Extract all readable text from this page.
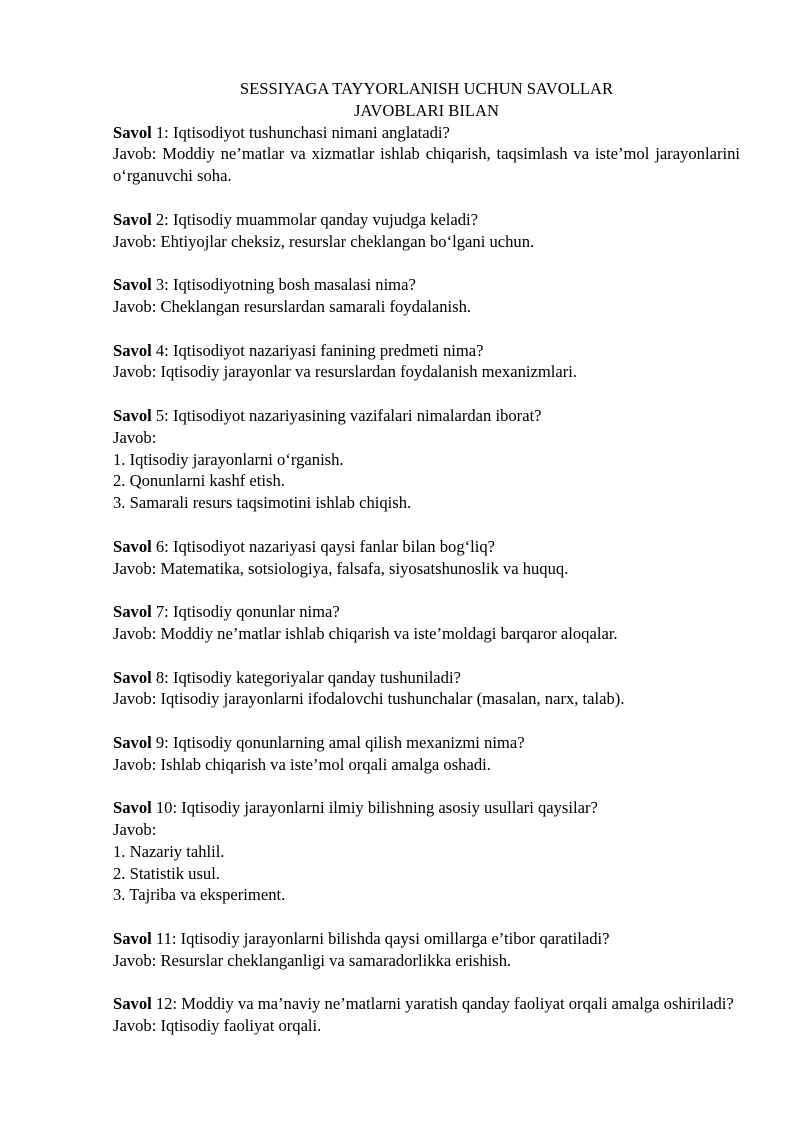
SESSIYAGA TAYYORLANISH UCHUN SAVOLLAR
JAVOBLARI BILAN

Savol 1: Iqtisodiyot tushunchasi nimani anglatadi?

Javob: Moddiy ne’matlar va xizmatlar ishlab chiqarish, taqsimlash va iste’mol jarayonlarini o‘rganuvchi soha.

Savol 2: Iqtisodiy muammolar qanday vujudga keladi?

Javob: Ehtiyojlar cheksiz, resurslar cheklangan bo‘lgani uchun.

Savol 3: Iqtisodiyotning bosh masalasi nima?

Javob: Cheklangan resurslardan samarali foydalanish.

Savol 4: Iqtisodiyot nazariyasi fanining predmeti nima?

Javob: Iqtisodiy jarayonlar va resurslardan foydalanish mexanizmlari.

Savol 5: Iqtisodiyot nazariyasining vazifalari nimalardan iborat?

Javob:

1. Iqtisodiy jarayonlarni o‘rganish.

2. Qonunlarni kashf etish.

3. Samarali resurs taqsimotini ishlab chiqish.

Savol 6: Iqtisodiyot nazariyasi qaysi fanlar bilan bog‘liq?

Javob: Matematika, sotsiologiya, falsafa, siyosatshunoslik va huquq.

Savol 7: Iqtisodiy qonunlar nima?

Javob: Moddiy ne’matlar ishlab chiqarish va iste’moldagi barqaror aloqalar.

Savol 8: Iqtisodiy kategoriyalar qanday tushuniladi?

Javob: Iqtisodiy jarayonlarni ifodalovchi tushunchalar (masalan, narx, talab).

Savol 9: Iqtisodiy qonunlarning amal qilish mexanizmi nima?

Javob: Ishlab chiqarish va iste’mol orqali amalga oshadi.

Savol 10: Iqtisodiy jarayonlarni ilmiy bilishning asosiy usullari qaysilar?

Javob:

1. Nazariy tahlil.

2. Statistik usul.

3. Tajriba va eksperiment.

Savol 11: Iqtisodiy jarayonlarni bilishda qaysi omillarga e’tibor qaratiladi?

Javob: Resurslar cheklanganligi va samaradorlikka erishish.

Savol 12: Moddiy va ma’naviy ne’matlarni yaratish qanday faoliyat orqali amalga oshiriladi?

Javob: Iqtisodiy faoliyat orqali.
